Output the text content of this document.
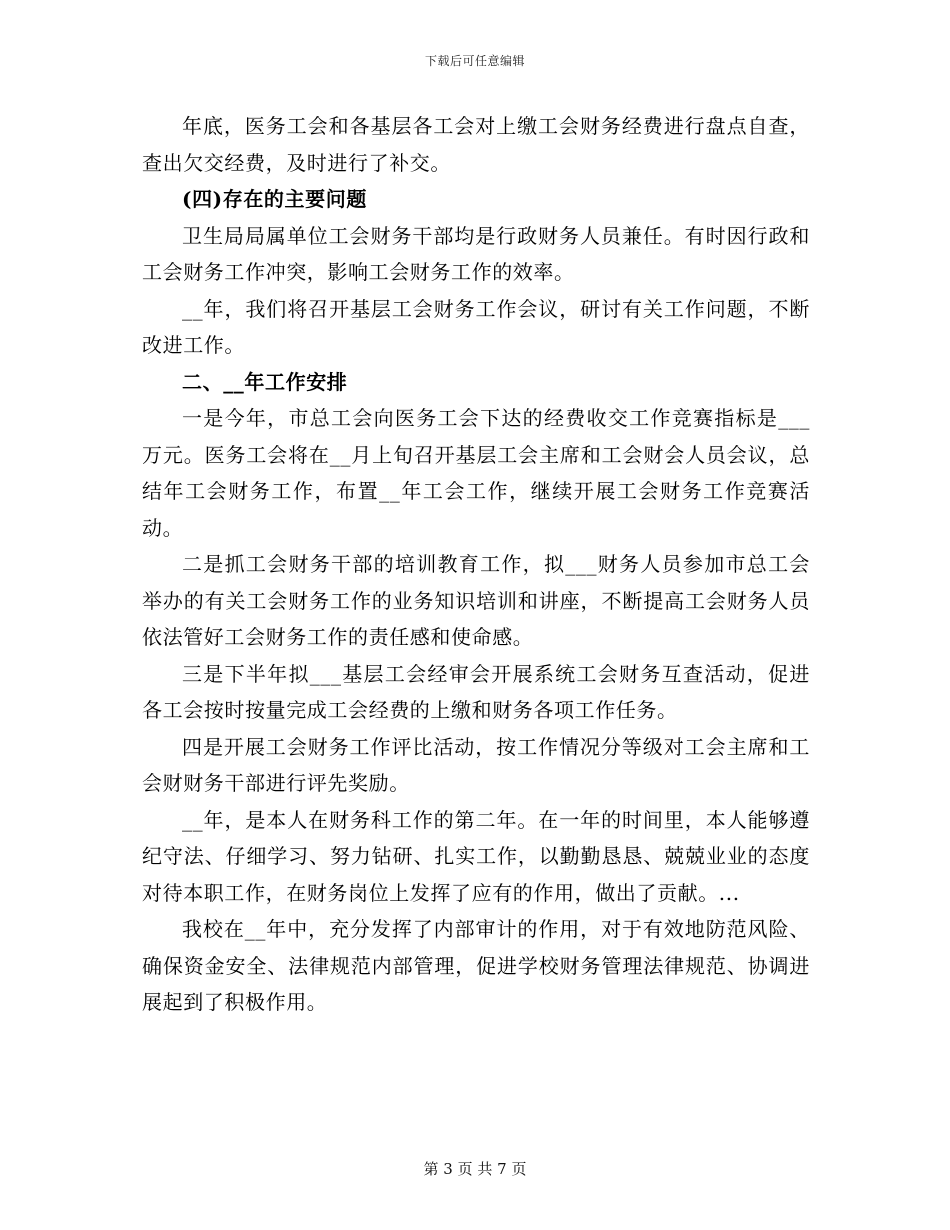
下载后可任意编辑

年底，医务工会和各基层各工会对上缴工会财务经费进行盘点自查，查出欠交经费，及时进行了补交。

(四)存在的主要问题

卫生局局属单位工会财务干部均是行政财务人员兼任。有时因行政和工会财务工作冲突，影响工会财务工作的效率。

__年，我们将召开基层工会财务工作会议，研讨有关工作问题，不断改进工作。

二、__年工作安排

一是今年，市总工会向医务工会下达的经费收交工作竞赛指标是___万元。医务工会将在__月上旬召开基层工会主席和工会财会人员会议，总结年工会财务工作，布置__年工会工作，继续开展工会财务工作竞赛活动。

二是抓工会财务干部的培训教育工作，拟___财务人员参加市总工会举办的有关工会财务工作的业务知识培训和讲座，不断提高工会财务人员依法管好工会财务工作的责任感和使命感。

三是下半年拟___基层工会经审会开展系统工会财务互查活动，促进各工会按时按量完成工会经费的上缴和财务各项工作任务。

四是开展工会财务工作评比活动，按工作情况分等级对工会主席和工会财财务干部进行评先奖励。

__年，是本人在财务科工作的第二年。在一年的时间里，本人能够遵纪守法、仔细学习、努力钻研、扎实工作，以勤勤恳恳、兢兢业业的态度对待本职工作，在财务岗位上发挥了应有的作用，做出了贡献。...

我校在__年中，充分发挥了内部审计的作用，对于有效地防范风险、确保资金安全、法律规范内部管理，促进学校财务管理法律规范、协调进展起到了积极作用。

第 3 页 共 7 页
